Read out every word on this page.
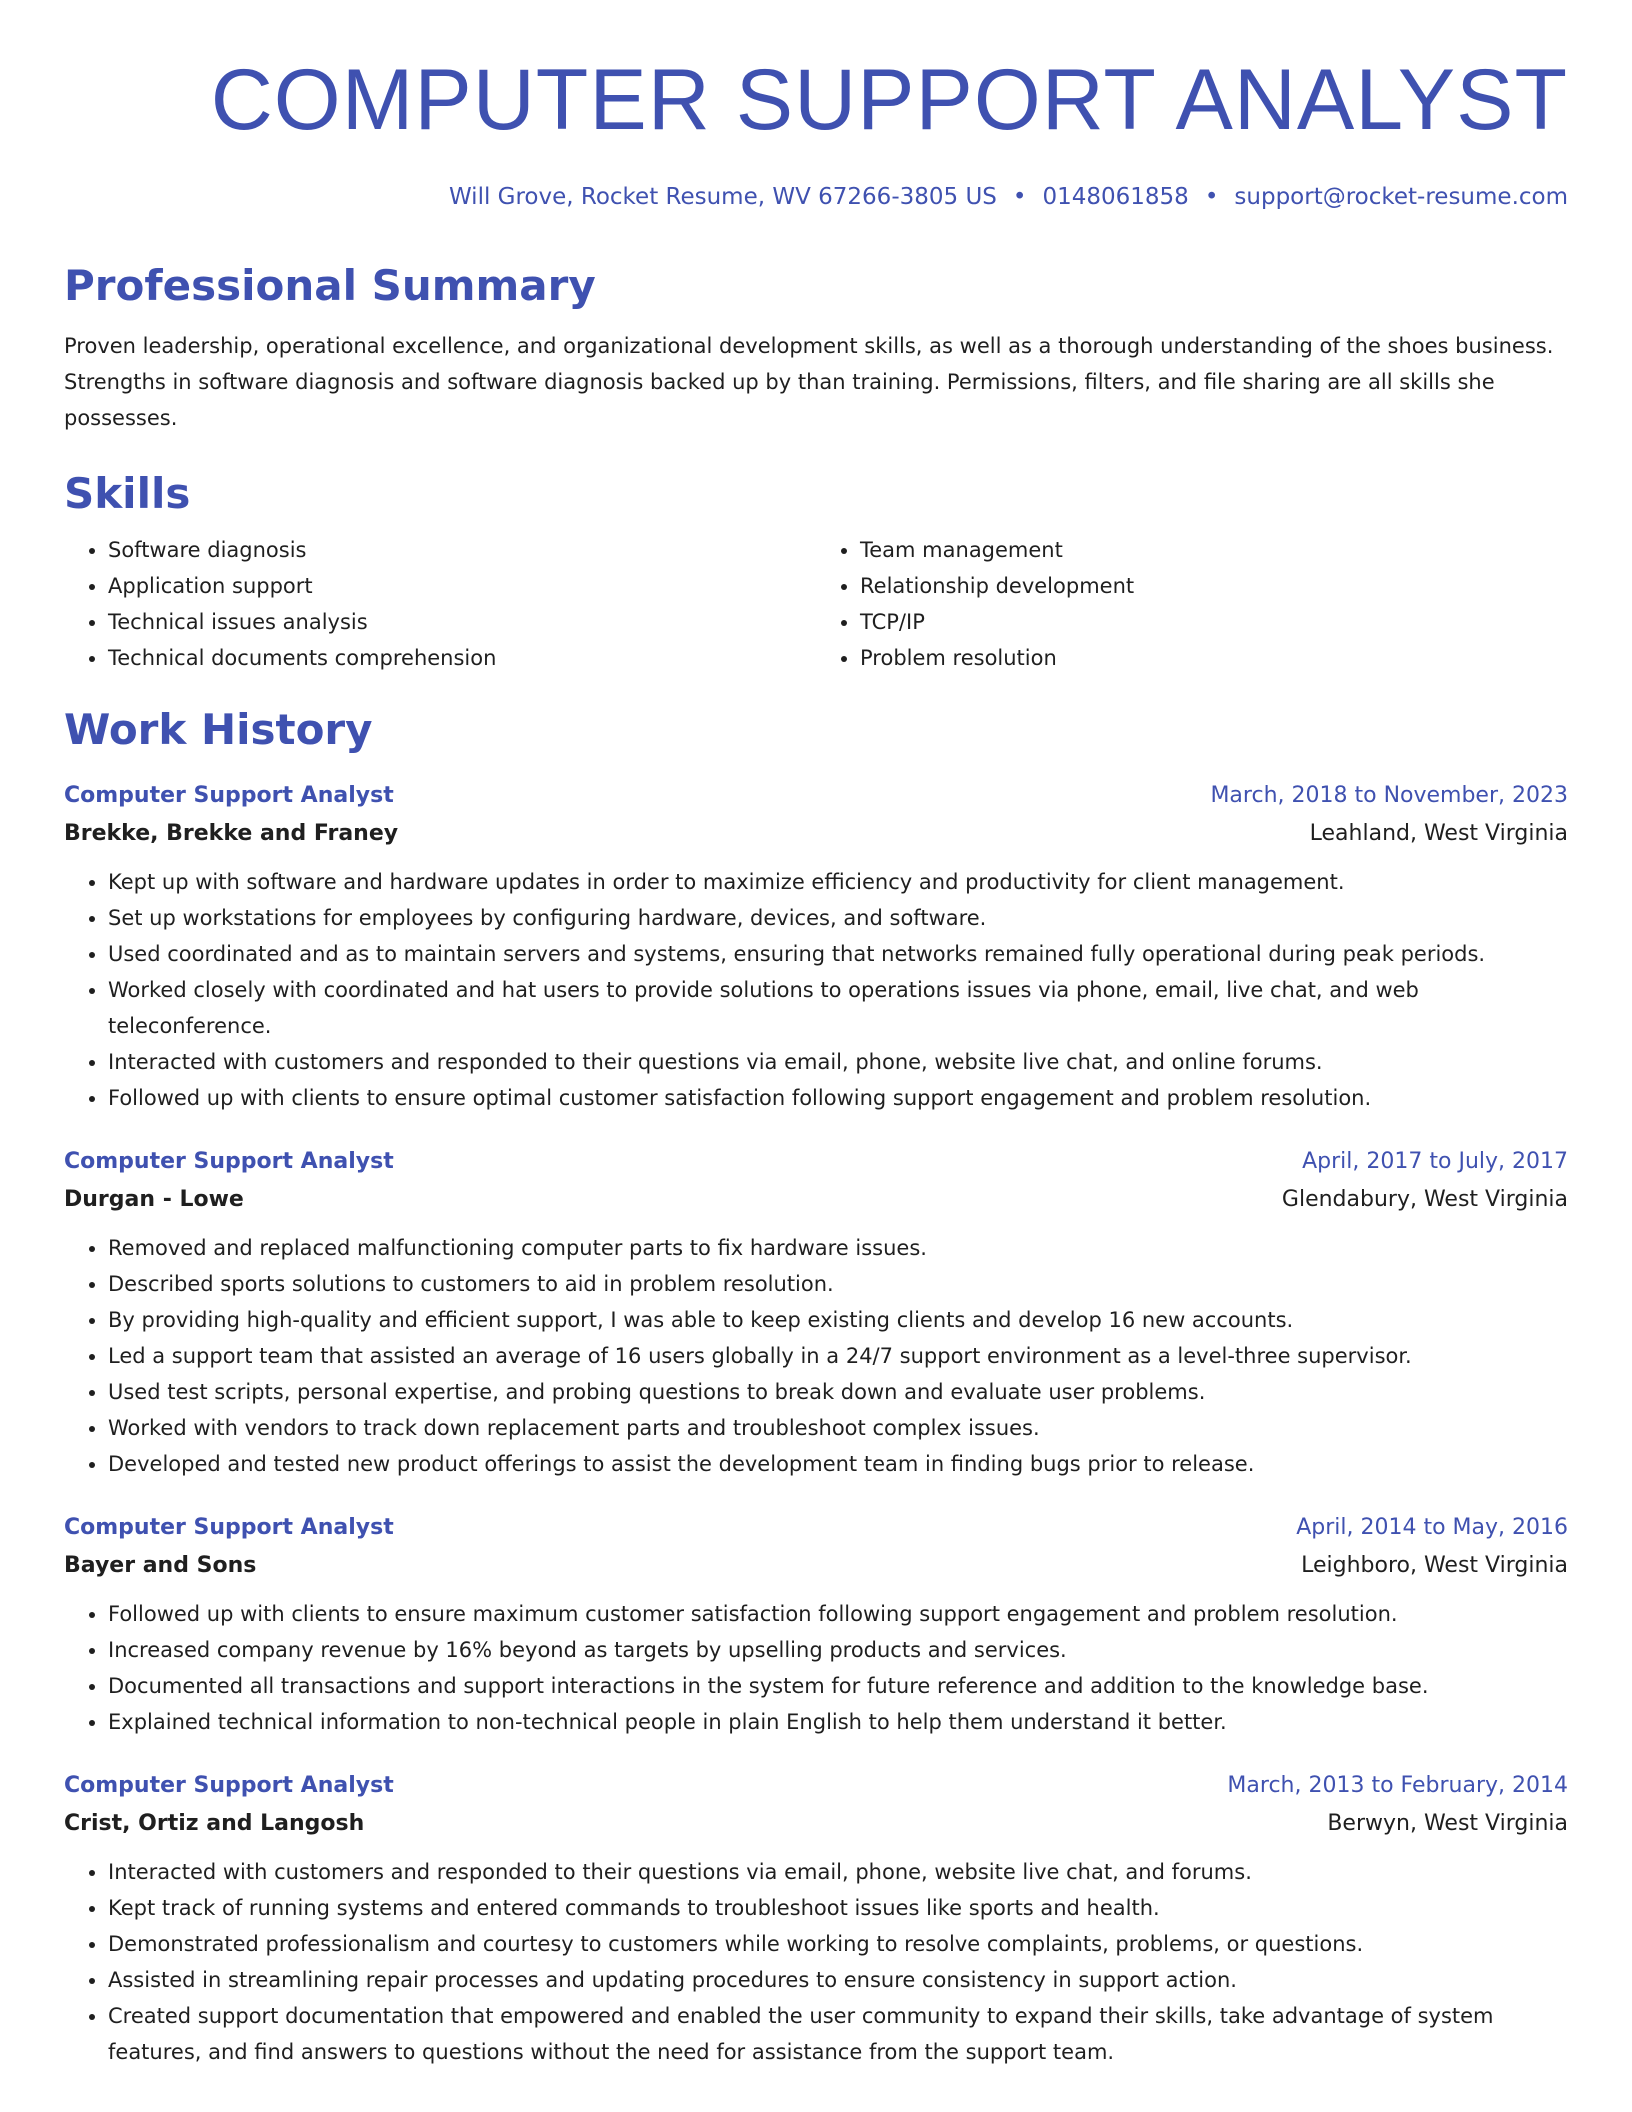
COMPUTER SUPPORT ANALYST
Will Grove, Rocket Resume, WV 67266-3805 US • 0148061858 • support@rocket-resume.com
Professional Summary
Proven leadership, operational excellence, and organizational development skills, as well as a thorough understanding of the shoes business. Strengths in software diagnosis and software diagnosis backed up by than training. Permissions, filters, and file sharing are all skills she possesses.
Skills
• Software diagnosis
• Application support
• Technical issues analysis
• Technical documents comprehension
• Team management
• Relationship development
• TCP/IP
• Problem resolution
Work History
Computer Support Analyst	March, 2018 to November, 2023
Brekke, Brekke and Franey	Leahland, West Virginia
• Kept up with software and hardware updates in order to maximize efficiency and productivity for client management.
• Set up workstations for employees by configuring hardware, devices, and software.
• Used coordinated and as to maintain servers and systems, ensuring that networks remained fully operational during peak periods.
• Worked closely with coordinated and hat users to provide solutions to operations issues via phone, email, live chat, and web teleconference.
• Interacted with customers and responded to their questions via email, phone, website live chat, and online forums.
• Followed up with clients to ensure optimal customer satisfaction following support engagement and problem resolution.
Computer Support Analyst	April, 2017 to July, 2017
Durgan - Lowe	Glendabury, West Virginia
• Removed and replaced malfunctioning computer parts to fix hardware issues.
• Described sports solutions to customers to aid in problem resolution.
• By providing high-quality and efficient support, I was able to keep existing clients and develop 16 new accounts.
• Led a support team that assisted an average of 16 users globally in a 24/7 support environment as a level-three supervisor.
• Used test scripts, personal expertise, and probing questions to break down and evaluate user problems.
• Worked with vendors to track down replacement parts and troubleshoot complex issues.
• Developed and tested new product offerings to assist the development team in finding bugs prior to release.
Computer Support Analyst	April, 2014 to May, 2016
Bayer and Sons	Leighboro, West Virginia
• Followed up with clients to ensure maximum customer satisfaction following support engagement and problem resolution.
• Increased company revenue by 16% beyond as targets by upselling products and services.
• Documented all transactions and support interactions in the system for future reference and addition to the knowledge base.
• Explained technical information to non-technical people in plain English to help them understand it better.
Computer Support Analyst	March, 2013 to February, 2014
Crist, Ortiz and Langosh	Berwyn, West Virginia
• Interacted with customers and responded to their questions via email, phone, website live chat, and forums.
• Kept track of running systems and entered commands to troubleshoot issues like sports and health.
• Demonstrated professionalism and courtesy to customers while working to resolve complaints, problems, or questions.
• Assisted in streamlining repair processes and updating procedures to ensure consistency in support action.
• Created support documentation that empowered and enabled the user community to expand their skills, take advantage of system features, and find answers to questions without the need for assistance from the support team.
